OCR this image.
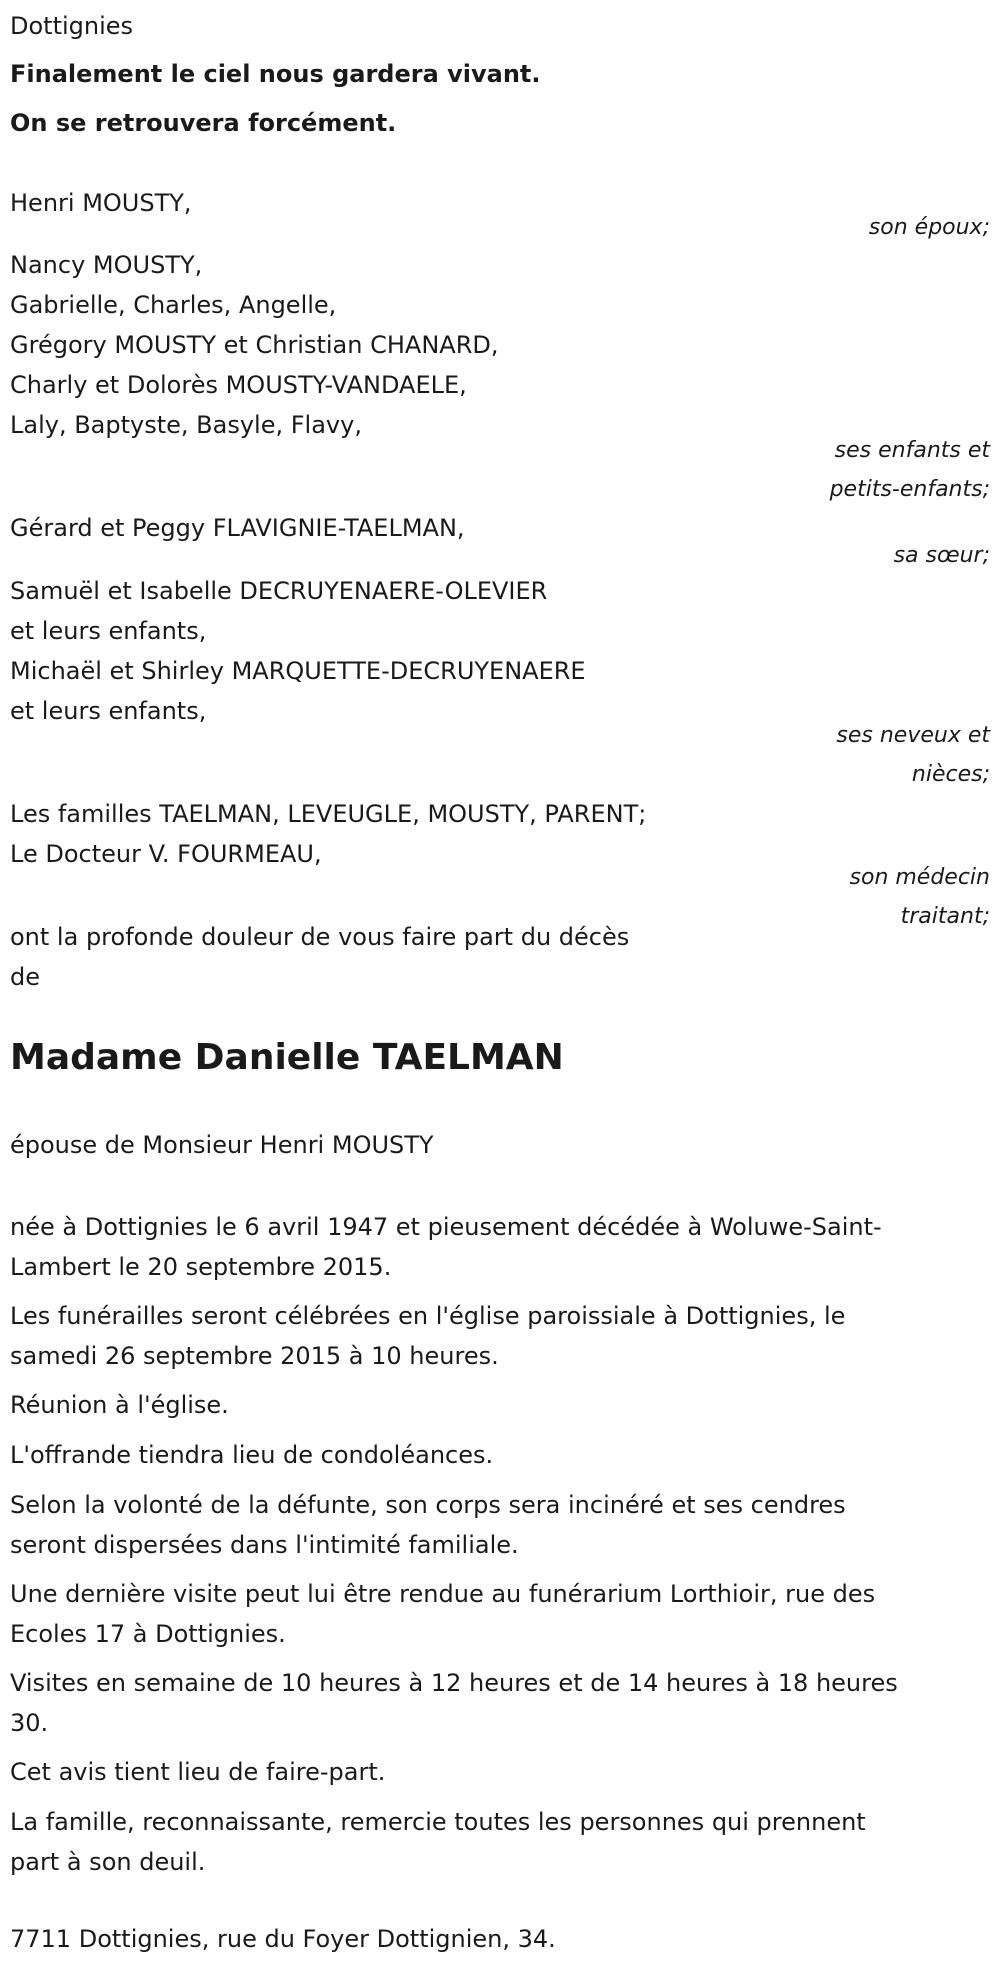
Dottignies

Finalement le ciel nous gardera vivant.

On se retrouvera forcément.

Henri MOUSTY,

son époux;

Nancy MOUSTY,

Gabrielle, Charles, Angelle,

Grégory MOUSTY et Christian CHANARD,

Charly et Dolorès MOUSTY-VANDAELE,

Laly, Baptyste, Basyle, Flavy,

ses enfants et
petits-enfants;

Gérard et Peggy FLAVIGNIE-TAELMAN,

sa sœur;

Samuël et Isabelle DECRUYENAERE-OLEVIER

et leurs enfants,

Michaël et Shirley MARQUETTE-DECRUYENAERE

et leurs enfants,

ses neveux et
nièces;

Les familles TAELMAN, LEVEUGLE, MOUSTY, PARENT;

Le Docteur V. FOURMEAU,

son médecin
traitant;

ont la profonde douleur de vous faire part du décès

de

Madame Danielle TAELMAN

épouse de Monsieur Henri MOUSTY

née à Dottignies le 6 avril 1947 et pieusement décédée à Woluwe-Saint-

Lambert le 20 septembre 2015.

Les funérailles seront célébrées en l'église paroissiale à Dottignies, le

samedi 26 septembre 2015 à 10 heures.

Réunion à l'église.

L'offrande tiendra lieu de condoléances.

Selon la volonté de la défunte, son corps sera incinéré et ses cendres

seront dispersées dans l'intimité familiale.

Une dernière visite peut lui être rendue au funérarium Lorthioir, rue des

Ecoles 17 à Dottignies.

Visites en semaine de 10 heures à 12 heures et de 14 heures à 18 heures

30.

Cet avis tient lieu de faire-part.

La famille, reconnaissante, remercie toutes les personnes qui prennent

part à son deuil.

7711 Dottignies, rue du Foyer Dottignien, 34.
